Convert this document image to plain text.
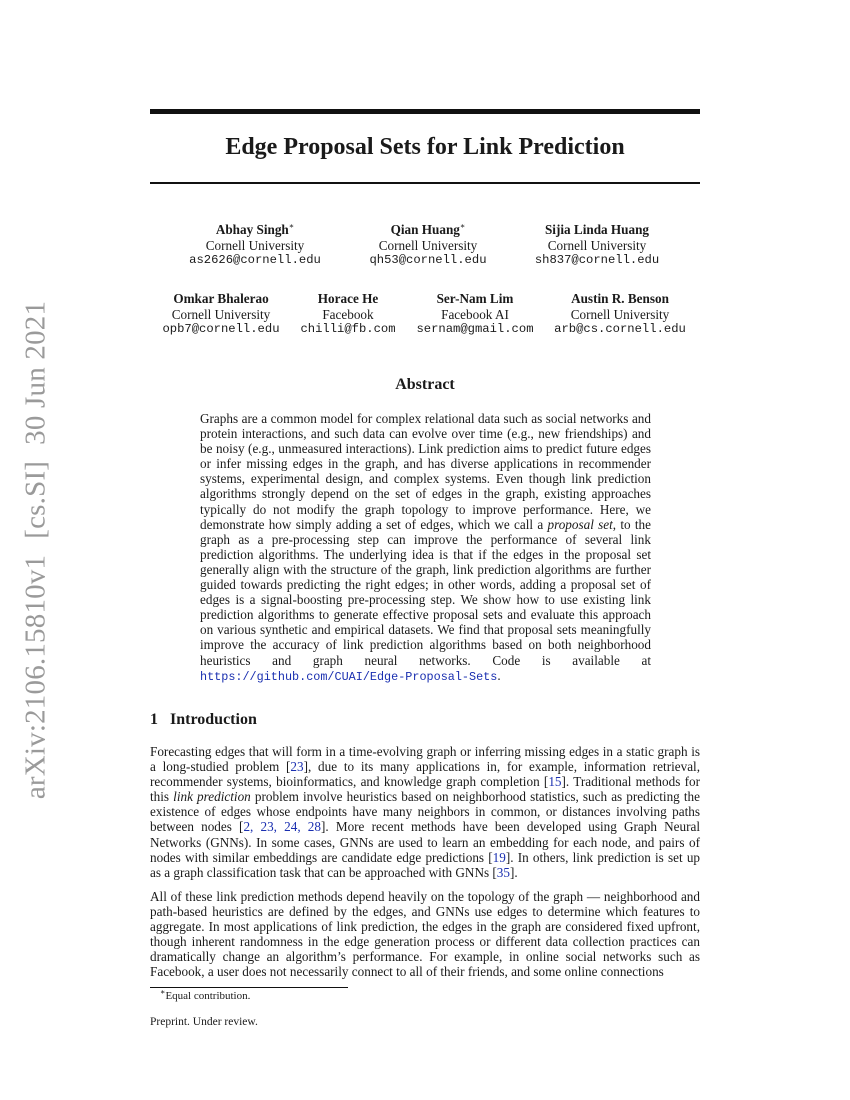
arXiv:2106.15810v1[cs.SI]30 Jun 2021
Edge Proposal Sets for Link Prediction
Abhay Singh∗
Cornell University
as2626@cornell.edu
Qian Huang∗
Cornell University
qh53@cornell.edu
Sijia Linda Huang
Cornell University
sh837@cornell.edu
Omkar Bhalerao
Cornell University
opb7@cornell.edu
Horace He
Facebook
chilli@fb.com
Ser-Nam Lim
Facebook AI
sernam@gmail.com
Austin R. Benson
Cornell University
arb@cs.cornell.edu
Abstract
Graphs are a common model for complex relational data such as social networks and protein interactions, and such data can evolve over time (e.g., new friendships) and be noisy (e.g., unmeasured interactions). Link prediction aims to predict future edges or infer missing edges in the graph, and has diverse applications in recommender systems, experimental design, and complex systems. Even though link prediction algorithms strongly depend on the set of edges in the graph, existing approaches typically do not modify the graph topology to improve performance. Here, we demonstrate how simply adding a set of edges, which we call a proposal set, to the graph as a pre-processing step can improve the performance of several link prediction algorithms. The underlying idea is that if the edges in the proposal set generally align with the structure of the graph, link prediction algorithms are further guided towards predicting the right edges; in other words, adding a proposal set of edges is a signal-boosting pre-processing step. We show how to use existing link prediction algorithms to generate effective proposal sets and evaluate this approach on various synthetic and empirical datasets. We find that proposal sets meaningfully improve the accuracy of link prediction algorithms based on both neighborhood heuristics and graph neural networks. Code is available at https://github.com/CUAI/Edge-Proposal-Sets.
1 Introduction
Forecasting edges that will form in a time-evolving graph or inferring missing edges in a static graph is a long-studied problem [23], due to its many applications in, for example, information retrieval, recommender systems, bioinformatics, and knowledge graph completion [15]. Traditional methods for this link prediction problem involve heuristics based on neighborhood statistics, such as predicting the existence of edges whose endpoints have many neighbors in common, or distances involving paths between nodes [2, 23, 24, 28]. More recent methods have been developed using Graph Neural Networks (GNNs). In some cases, GNNs are used to learn an embedding for each node, and pairs of nodes with similar embeddings are candidate edge predictions [19]. In others, link prediction is set up as a graph classification task that can be approached with GNNs [35].
All of these link prediction methods depend heavily on the topology of the graph — neighborhood and path-based heuristics are defined by the edges, and GNNs use edges to determine which features to aggregate. In most applications of link prediction, the edges in the graph are considered fixed upfront, though inherent randomness in the edge generation process or different data collection practices can dramatically change an algorithm’s performance. For example, in online social networks such as Facebook, a user does not necessarily connect to all of their friends, and some online connections
∗Equal contribution.
Preprint. Under review.
